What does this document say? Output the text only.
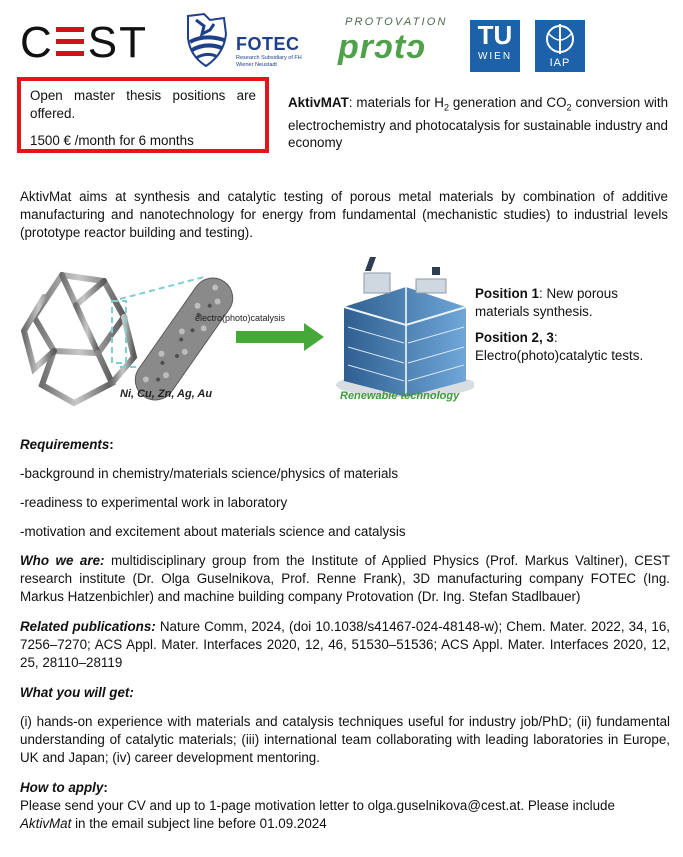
C ST	FOTEC
Research Subsidiary of FH Wiener Neustadt
PROTOVATION
prɔtɔ TU
WIEN
IAP

Open master thesis positions are offered.

1500 € /month for 6 months

AktivMAT: materials for $H_2$ generation and $CO_2$ conversion with electrochemistry and photocatalysis for sustainable industry and economy
AktivMat aims at synthesis and catalytic testing of porous metal materials by combination of additive manufacturing and nanotechnology for energy from fundamental (mechanistic studies) to industrial levels (prototype reactor building and testing).
electro(photo)catalysis
Ni, Cu, Zn, Ag, Au	Renewable technology

Position 1: New porous materials synthesis.

Position 2, 3:
Electro(photo)catalytic tests.

Requirements:

-background in chemistry/materials science/physics of materials
-readiness to experimental work in laboratory
-motivation and excitement about materials science and catalysis
Who we are: multidisciplinary group from the Institute of Applied Physics (Prof. Markus Valtiner), CEST research institute (Dr. Olga Guselnikova, Prof. Renne Frank), 3D manufacturing company FOTEC (Ing. Markus Hatzenbichler) and machine building company Protovation (Dr. Ing. Stefan Stadlbauer)
Related publications: Nature Comm, 2024, (doi 10.1038/s41467-024-48148-w); Chem. Mater. 2022, 34, 16, 7256–7270; ACS Appl. Mater. Interfaces 2020, 12, 46, 51530–51536; ACS Appl. Mater. Interfaces 2020, 12, 25, 28110–28119
What you will get:
(i) hands-on experience with materials and catalysis techniques useful for industry job/PhD; (ii) fundamental understanding of catalytic materials; (iii) international team collaborating with leading laboratories in Europe, UK and Japan; (iv) career development mentoring.

How to apply:

Please send your CV and up to 1-page motivation letter to olga.guselnikova@cest.at. Please include AktivMat in the email subject line before 01.09.2024
